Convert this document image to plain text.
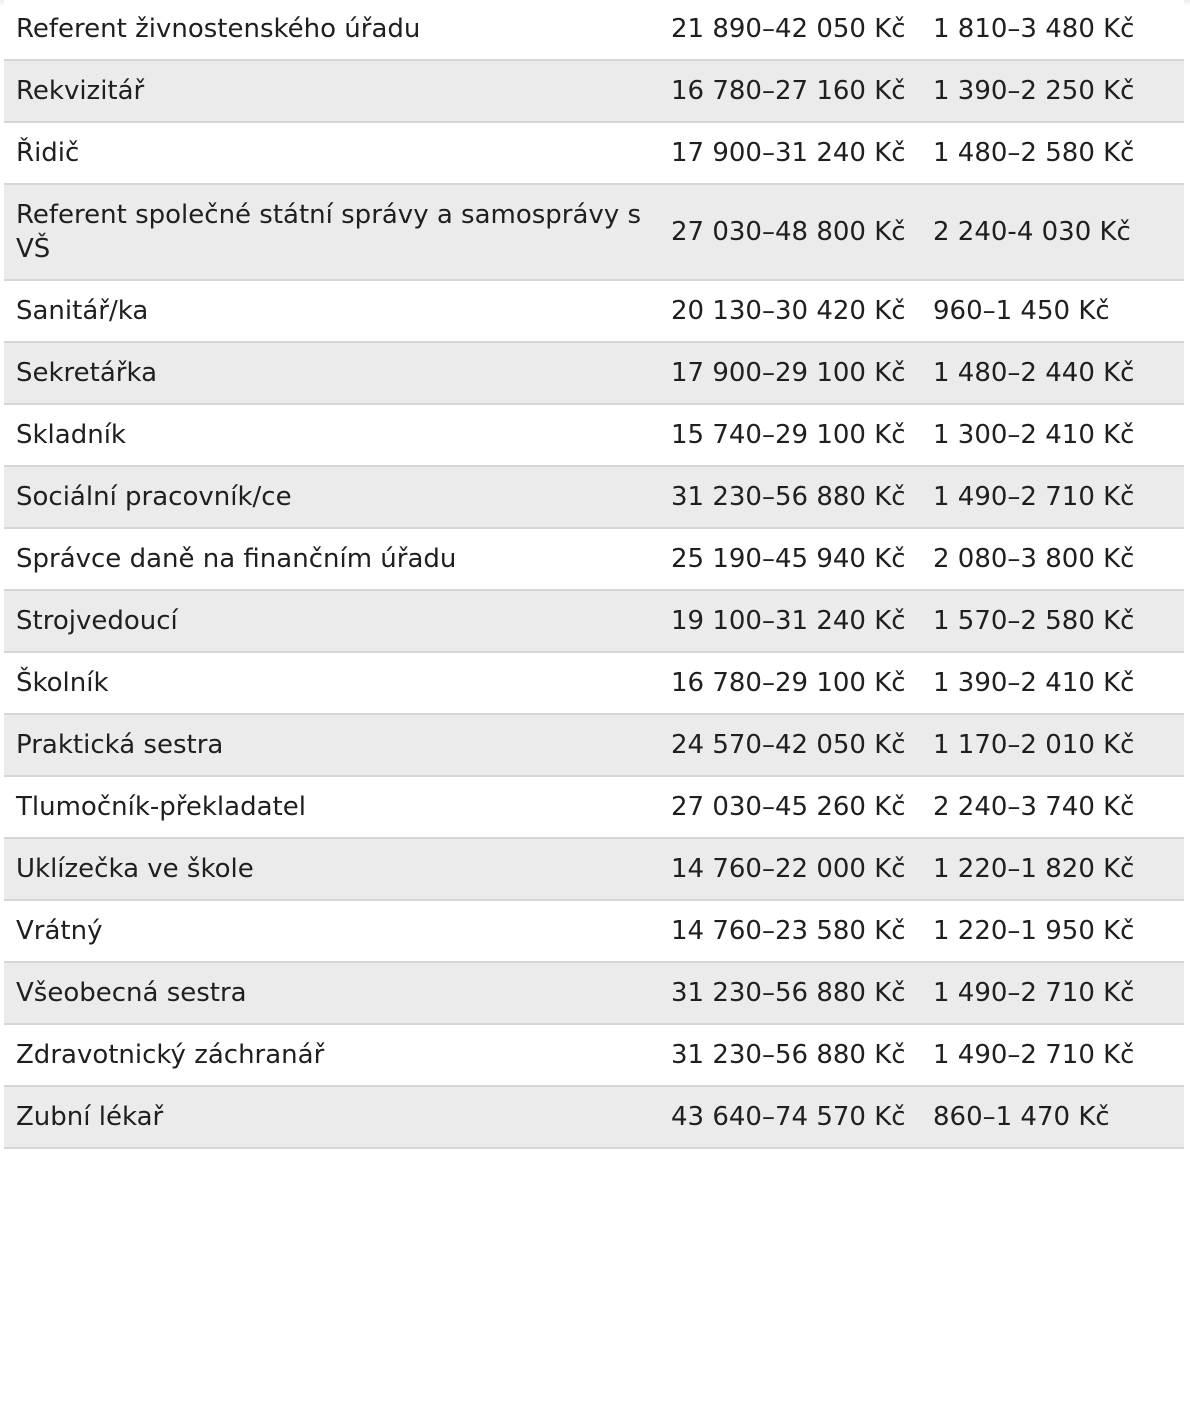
Referent živnostenského úřadu	21 890–42 050 Kč	1 810–3 480 Kč
Rekvizitář	16 780–27 160 Kč	1 390–2 250 Kč
Řidič	17 900–31 240 Kč	1 480–2 580 Kč
Referent společné státní správy a samosprávy s VŠ	27 030–48 800 Kč	2 240-4 030 Kč
Sanitář/ka	20 130–30 420 Kč	960–1 450 Kč
Sekretářka	17 900–29 100 Kč	1 480–2 440 Kč
Skladník	15 740–29 100 Kč	1 300–2 410 Kč
Sociální pracovník/ce	31 230–56 880 Kč	1 490–2 710 Kč
Správce daně na finančním úřadu	25 190–45 940 Kč	2 080–3 800 Kč
Strojvedoucí	19 100–31 240 Kč	1 570–2 580 Kč
Školník	16 780–29 100 Kč	1 390–2 410 Kč
Praktická sestra	24 570–42 050 Kč	1 170–2 010 Kč
Tlumočník-překladatel	27 030–45 260 Kč	2 240–3 740 Kč
Uklízečka ve škole	14 760–22 000 Kč	1 220–1 820 Kč
Vrátný	14 760–23 580 Kč	1 220–1 950 Kč
Všeobecná sestra	31 230–56 880 Kč	1 490–2 710 Kč
Zdravotnický záchranář	31 230–56 880 Kč	1 490–2 710 Kč
Zubní lékař	43 640–74 570 Kč	860–1 470 Kč
